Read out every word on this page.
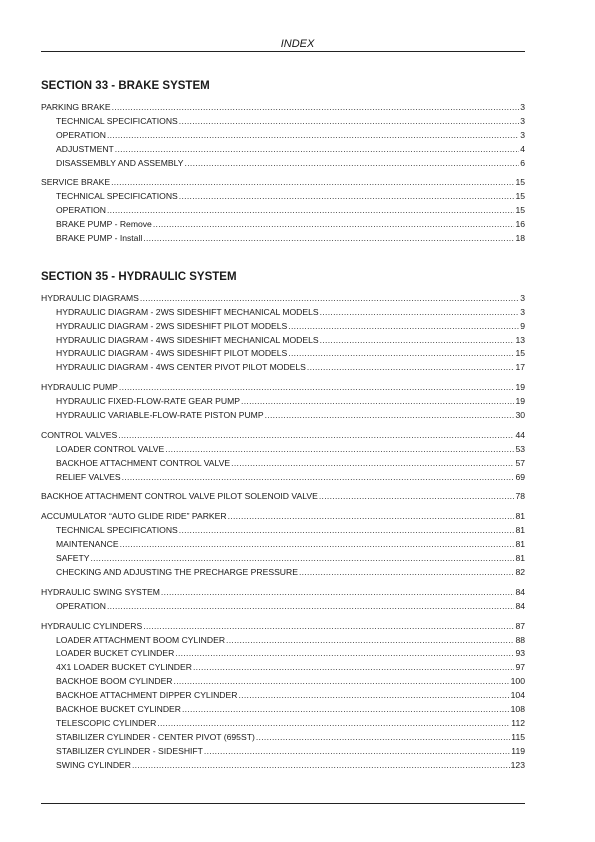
INDEX
SECTION 33 - BRAKE SYSTEM
PARKING BRAKE .....	3
TECHNICAL SPECIFICATIONS .....	3
OPERATION .....	3
ADJUSTMENT .....	4
DISASSEMBLY AND ASSEMBLY .....	6
SERVICE BRAKE .....	15
TECHNICAL SPECIFICATIONS .....	15
OPERATION .....	15
BRAKE PUMP - Remove .....	16
BRAKE PUMP - Install .....	18
SECTION 35 - HYDRAULIC SYSTEM
HYDRAULIC DIAGRAMS .....	3
HYDRAULIC DIAGRAM - 2WS SIDESHIFT MECHANICAL MODELS .....	3
HYDRAULIC DIAGRAM - 2WS SIDESHIFT PILOT MODELS .....	9
HYDRAULIC DIAGRAM - 4WS SIDESHIFT MECHANICAL MODELS .....	13
HYDRAULIC DIAGRAM - 4WS SIDESHIFT PILOT MODELS .....	15
HYDRAULIC DIAGRAM - 4WS CENTER PIVOT PILOT MODELS .....	17
HYDRAULIC PUMP .....	19
HYDRAULIC FIXED-FLOW-RATE GEAR PUMP .....	19
HYDRAULIC VARIABLE-FLOW-RATE PISTON PUMP .....	30
CONTROL VALVES .....	44
LOADER CONTROL VALVE .....	53
BACKHOE ATTACHMENT CONTROL VALVE .....	57
RELIEF VALVES .....	69
BACKHOE ATTACHMENT CONTROL VALVE PILOT SOLENOID VALVE .....	78
ACCUMULATOR “AUTO GLIDE RIDE” PARKER .....	81
TECHNICAL SPECIFICATIONS .....	81
MAINTENANCE .....	81
SAFETY .....	81
CHECKING AND ADJUSTING THE PRECHARGE PRESSURE .....	82
HYDRAULIC SWING SYSTEM .....	84
OPERATION .....	84
HYDRAULIC CYLINDERS .....	87
LOADER ATTACHMENT BOOM CYLINDER .....	88
LOADER BUCKET CYLINDER .....	93
4X1 LOADER BUCKET CYLINDER .....	97
BACKHOE BOOM CYLINDER .....	100
BACKHOE ATTACHMENT DIPPER CYLINDER .....	104
BACKHOE BUCKET CYLINDER .....	108
TELESCOPIC CYLINDER .....	112
STABILIZER CYLINDER - CENTER PIVOT (695ST) .....	115
STABILIZER CYLINDER - SIDESHIFT .....	119
SWING CYLINDER .....	123
